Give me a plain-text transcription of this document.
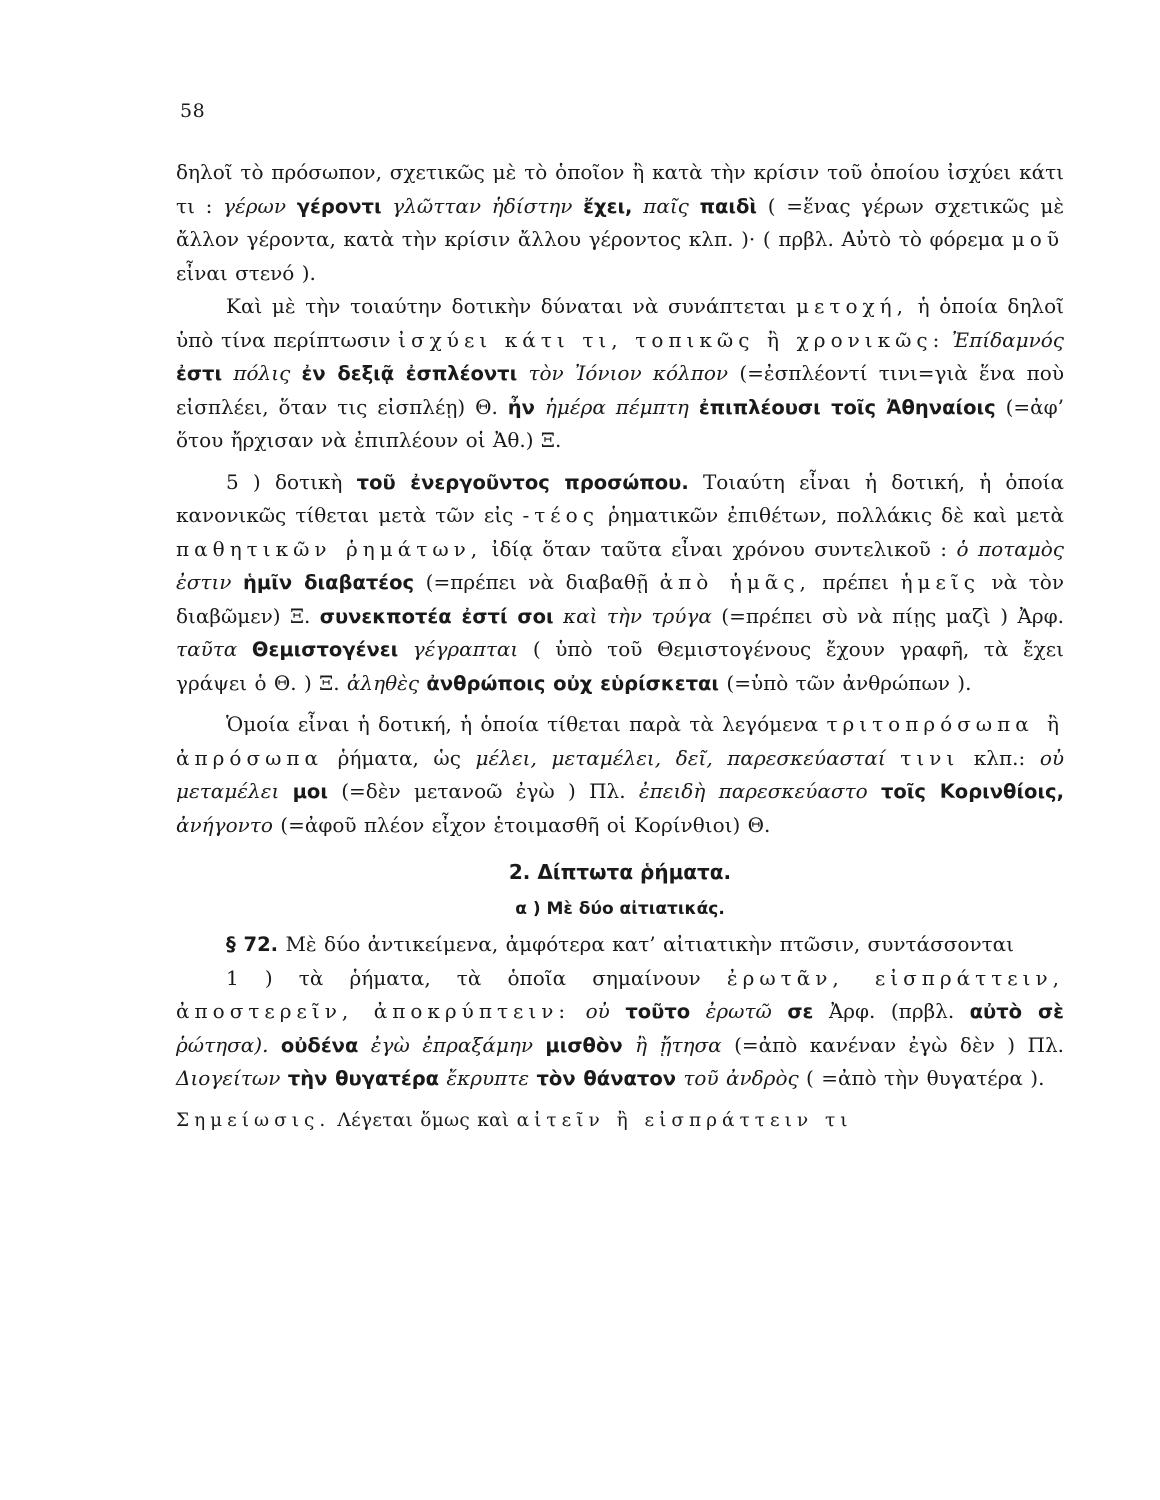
58

δηλοῖ τὸ πρόσωπον, σχετικῶς μὲ τὸ ὁποῖον ἢ κατὰ τὴν κρίσιν τοῦ ὁποίου ἰσχύει κάτι τι : γέρων γέροντι γλῶτταν ἡδίστην ἔχει, παῖς παιδὶ ( =ἕνας γέρων σχετικῶς μὲ ἄλλον γέροντα, κατὰ τὴν κρίσιν ἄλλου γέροντος κλπ. )· ( πρβλ. Αὐτὸ τὸ φόρεμα μοῦ εἶναι στενό ).

Καὶ μὲ τὴν τοιαύτην δοτικὴν δύναται νὰ συνάπτεται μετοχή, ἡ ὁποία δηλοῖ ὑπὸ τίνα περίπτωσιν ἰσχύει κάτι τι, τοπικῶς ἢ χρονικῶς: Ἐπίδαμνός ἐστι πόλις ἐν δεξιᾷ ἐσπλέοντι τὸν Ἰόνιον κόλπον (=ἐσπλέοντί τινι=γιὰ ἕνα ποὺ εἰσπλέει, ὅταν τις εἰσπλέῃ) Θ. ἦν ἡμέρα πέμπτη ἐπιπλέουσι τοῖς Ἀθηναίοις (=ἀφ’ ὅτου ἤρχισαν νὰ ἐπιπλέουν οἱ Ἀθ.) Ξ.

5 ) δοτικὴ τοῦ ἐνεργοῦντος προσώπου. Τοιαύτη εἶναι ἡ δοτική, ἡ ὁποία κανονικῶς τίθεται μετὰ τῶν εἰς -τέος ῥηματικῶν ἐπιθέτων, πολλάκις δὲ καὶ μετὰ παθητικῶν ῥημάτων, ἰδίᾳ ὅταν ταῦτα εἶναι χρόνου συντελικοῦ : ὁ ποταμὸς ἐστιν ἡμῖν διαβατέος (=πρέπει νὰ διαβαθῇ ἀπὸ ἡμᾶς, πρέπει ἡμεῖς νὰ τὸν διαβῶμεν) Ξ. συνεκποτέα ἐστί σοι καὶ τὴν τρύγα (=πρέπει σὺ νὰ πίῃς μαζὶ ) Ἀρφ. ταῦτα Θεμιστογένει γέγραπται ( ὑπὸ τοῦ Θεμιστογένους ἔχουν γραφῆ, τὰ ἔχει γράψει ὁ Θ. ) Ξ. ἀληθὲς ἀνθρώποις οὐχ εὑρίσκεται (=ὑπὸ τῶν ἀνθρώπων ).

Ὁμοία εἶναι ἡ δοτική, ἡ ὁποία τίθεται παρὰ τὰ λεγόμενα τριτοπρόσωπα ἢ ἀπρόσωπα ῥήματα, ὡς μέλει, μεταμέλει, δεῖ, παρεσκεύασταί τινι κλπ.: οὐ μεταμέλει μοι (=δὲν μετανοῶ ἐγὼ ) Πλ. ἐπειδὴ παρεσκεύαστο τοῖς Κορινθίοις, ἀνήγοντο (=ἀφοῦ πλέον εἶχον ἑτοιμασθῆ οἱ Κορίνθιοι) Θ.

2. Δίπτωτα ῥήματα.
α ) Μὲ δύο αἰτιατικάς.

§ 72. Μὲ δύο ἀντικείμενα, ἀμφότερα κατ’ αἰτιατικὴν πτῶσιν, συντάσσονται

1 ) τὰ ῥήματα, τὰ ὁποῖα σημαίνουν ἐρωτᾶν, εἰσπράττειν, ἀποστερεῖν, ἀποκρύπτειν: οὐ τοῦτο ἐρωτῶ σε Ἀρφ. (πρβλ. αὐτὸ σὲ ῥώτησα). οὐδένα ἐγὼ ἐπραξάμην μισθὸν ἢ ᾔτησα (=ἀπὸ κανέναν ἐγὼ δὲν ) Πλ. Διογείτων τὴν θυγατέρα ἔκρυπτε τὸν θάνατον τοῦ ἀνδρὸς ( =ἀπὸ τὴν θυγατέρα ).

Σημείωσις. Λέγεται ὅμως καὶ αἰτεῖν ἢ εἰσπράττειν τι
